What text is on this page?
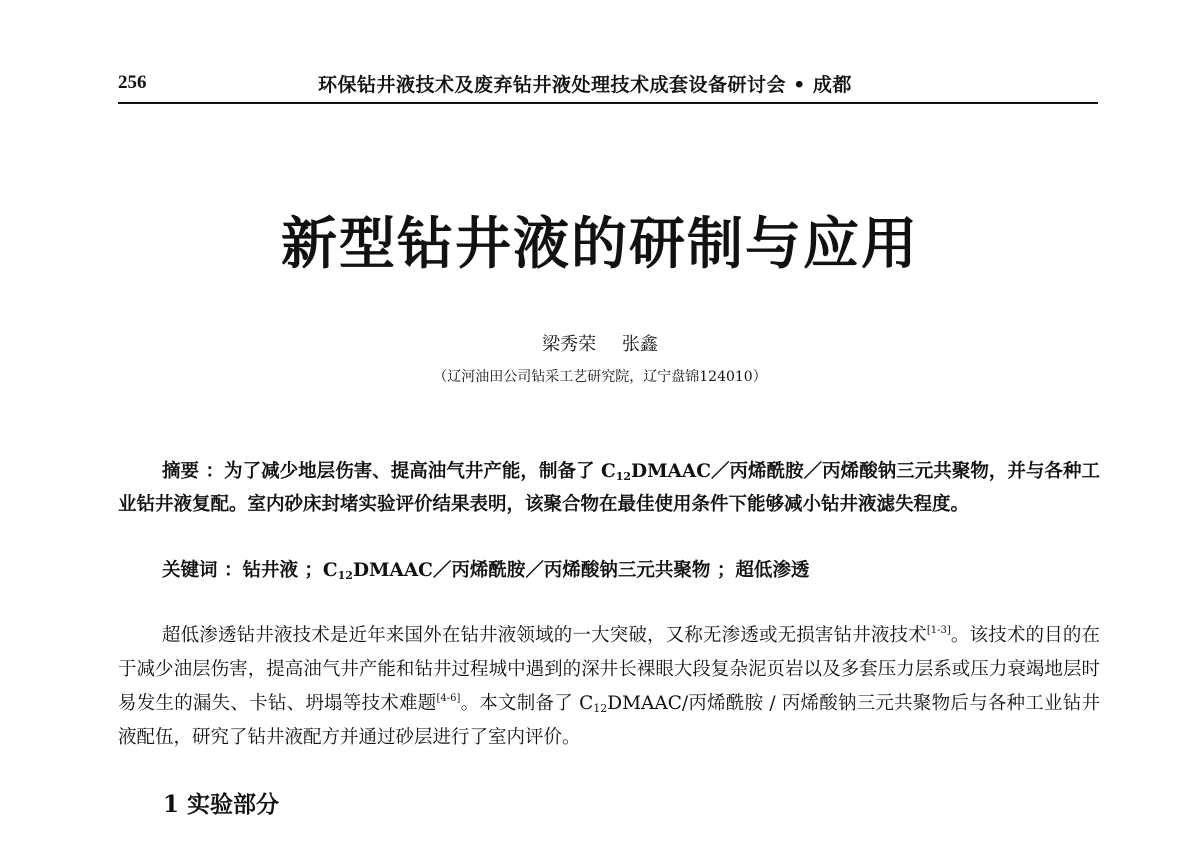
256	环保钻井液技术及废弃钻井液处理技术成套设备研讨会 • 成都
新型钻井液的研制与应用
梁秀荣 张鑫
（辽河油田公司钻采工艺研究院，辽宁盘锦124010）
摘要 ：为了减少地层伤害、提高油气井产能，制备了 $C_{12}DMAAC/$丙烯酰胺／丙烯酸钠三元共聚物，并与各种工业钻井液复配。室内砂床封堵实验评价结果表明，该聚合物在最佳使用条件下能够减小钻井液滤失程度。
关键词 ：钻井液 ；$C_{12}DMAAC/$丙烯酰胺／丙烯酸钠三元共聚物 ；超低渗透
超低渗透钻井液技术是近年来国外在钻井液领域的一大突破，又称无渗透或无损害钻井液技术[1-3]。该技术的目的在于减少油层伤害，提高油气井产能和钻井过程城中遇到的深井长裸眼大段复杂泥页岩以及多套压力层系或压力衰竭地层时易发生的漏失、卡钻、坍塌等技术难题[4-6]。本文制备了 $C_{12}DMAAC/$丙烯酰胺 / 丙烯酸钠三元共聚物后与各种工业钻井液配伍，研究了钻井液配方并通过砂层进行了室内评价。
1 实验部分
